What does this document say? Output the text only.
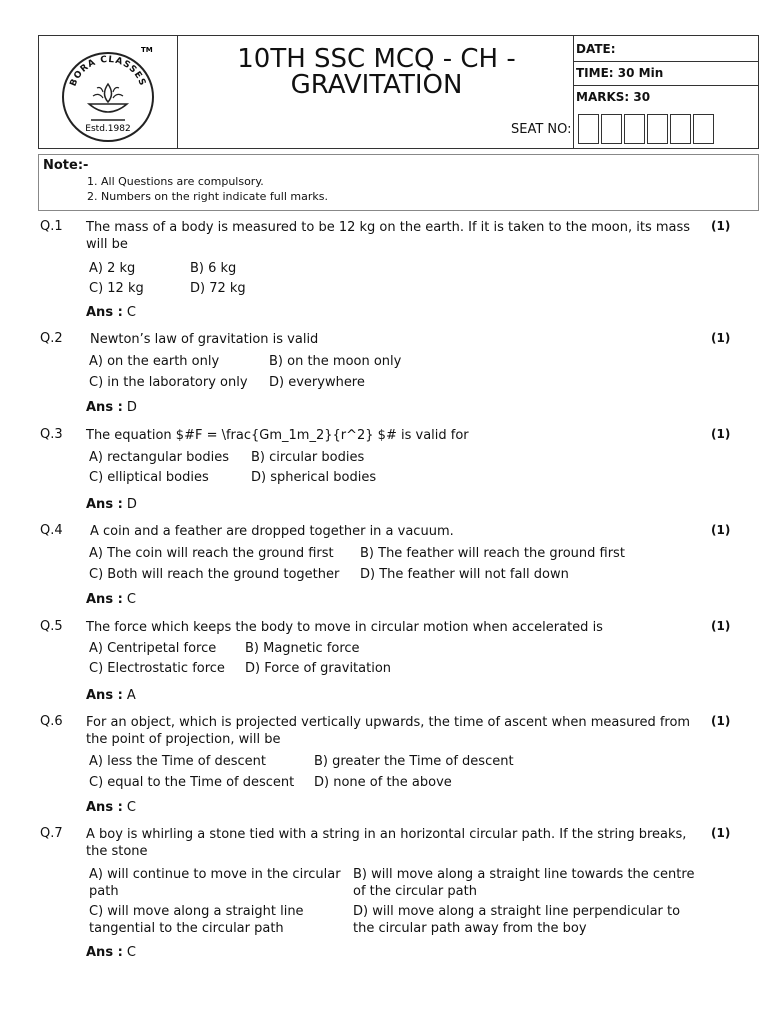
BORA CLASSES
TM
Estd.1982
10TH SSC MCQ - CH - GRAVITATION
SEAT NO:
DATE:
TIME: 30 Min
MARKS: 30
Note:-
1. All Questions are compulsory.
2. Numbers on the right indicate full marks.
Q.1 The mass of a body is measured to be 12 kg on the earth. If it is taken to the moon, its mass will be
(1)
A) 2 kg	B) 6 kg
C) 12 kg	D) 72 kg
Ans : C
Q.2 Newton’s law of gravitation is valid	(1)
A) on the earth only	B) on the moon only
C) in the laboratory only D) everywhere
Ans : D
Q.3 The equation $#F = \frac{Gm_1m_2}{r^2} $# is valid for	(1)
A) rectangular bodies B) circular bodies
C) elliptical bodies	D) spherical bodies
Ans : D
Q.4 A coin and a feather are dropped together in a vacuum.	(1)
A) The coin will reach the ground first B) The feather will reach the ground first
C) Both will reach the ground together D) The feather will not fall down
Ans : C
Q.5 The force which keeps the body to move in circular motion when accelerated is	(1)
A) Centripetal force B) Magnetic force
C) Electrostatic force D) Force of gravitation
Ans : A
Q.6 For an object, which is projected vertically upwards, the time of ascent when measured from the point of projection, will be
(1)
A) less the Time of descent	B) greater the Time of descent
C) equal to the Time of descent D) none of the above
Ans : C
Q.7 A boy is whirling a stone tied with a string in an horizontal circular path. If the string breaks, the stone
(1)
A) will continue to move in the circular path
B) will move along a straight line towards the centre of the circular path
C) will move along a straight line tangential to the circular path
D) will move along a straight line perpendicular to the circular path away from the boy
Ans : C
